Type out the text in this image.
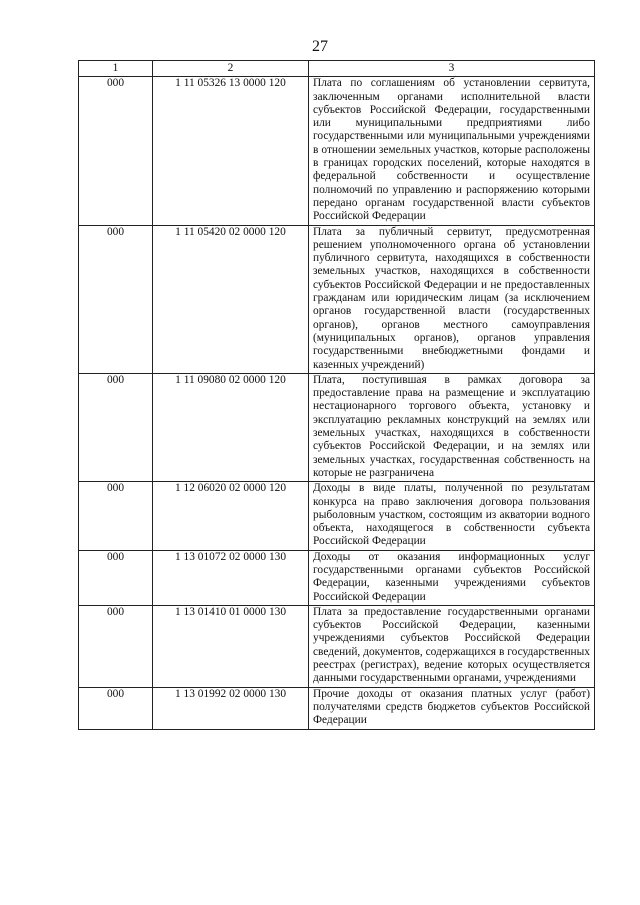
27
1	2	3
000	1 11 05326 13 0000 120	Плата по соглашениям об установлении сервитута, заключенным органами исполнительной власти субъектов Российской Федерации, государственными или муниципальными предприятиями либо государственными или муниципальными учреждениями в отношении земельных участков, которые расположены в границах городских поселений, которые находятся в федеральной собственности и осуществление полномочий по управлению и распоряжению которыми передано органам государственной власти субъектов Российской Федерации
000	1 11 05420 02 0000 120	Плата за публичный сервитут, предусмотренная решением уполномоченного органа об установлении публичного сервитута, находящихся в собственности земельных участков, находящихся в собственности субъектов Российской Федерации и не предоставленных гражданам или юридическим лицам (за исключением органов государственной власти (государственных органов), органов местного самоуправления (муниципальных органов), органов управления государственными внебюджетными фондами и казенных учреждений)
000	1 11 09080 02 0000 120	Плата, поступившая в рамках договора за предоставление права на размещение и эксплуатацию нестационарного торгового объекта, установку и эксплуатацию рекламных конструкций на землях или земельных участках, находящихся в собственности субъектов Российской Федерации, и на землях или земельных участках, государственная собственность на которые не разграничена
000	1 12 06020 02 0000 120	Доходы в виде платы, полученной по результатам конкурса на право заключения договора пользования рыболовным участком, состоящим из акватории водного объекта, находящегося в собственности субъекта Российской Федерации
000	1 13 01072 02 0000 130	Доходы от оказания информационных услуг государственными органами субъектов Российской Федерации, казенными учреждениями субъектов Российской Федерации
000	1 13 01410 01 0000 130	Плата за предоставление государственными органами субъектов Российской Федерации, казенными учреждениями субъектов Российской Федерации сведений, документов, содержащихся в государственных реестрах (регистрах), ведение которых осуществляется данными государственными органами, учреждениями
000	1 13 01992 02 0000 130	Прочие доходы от оказания платных услуг (работ) получателями средств бюджетов субъектов Российской Федерации
